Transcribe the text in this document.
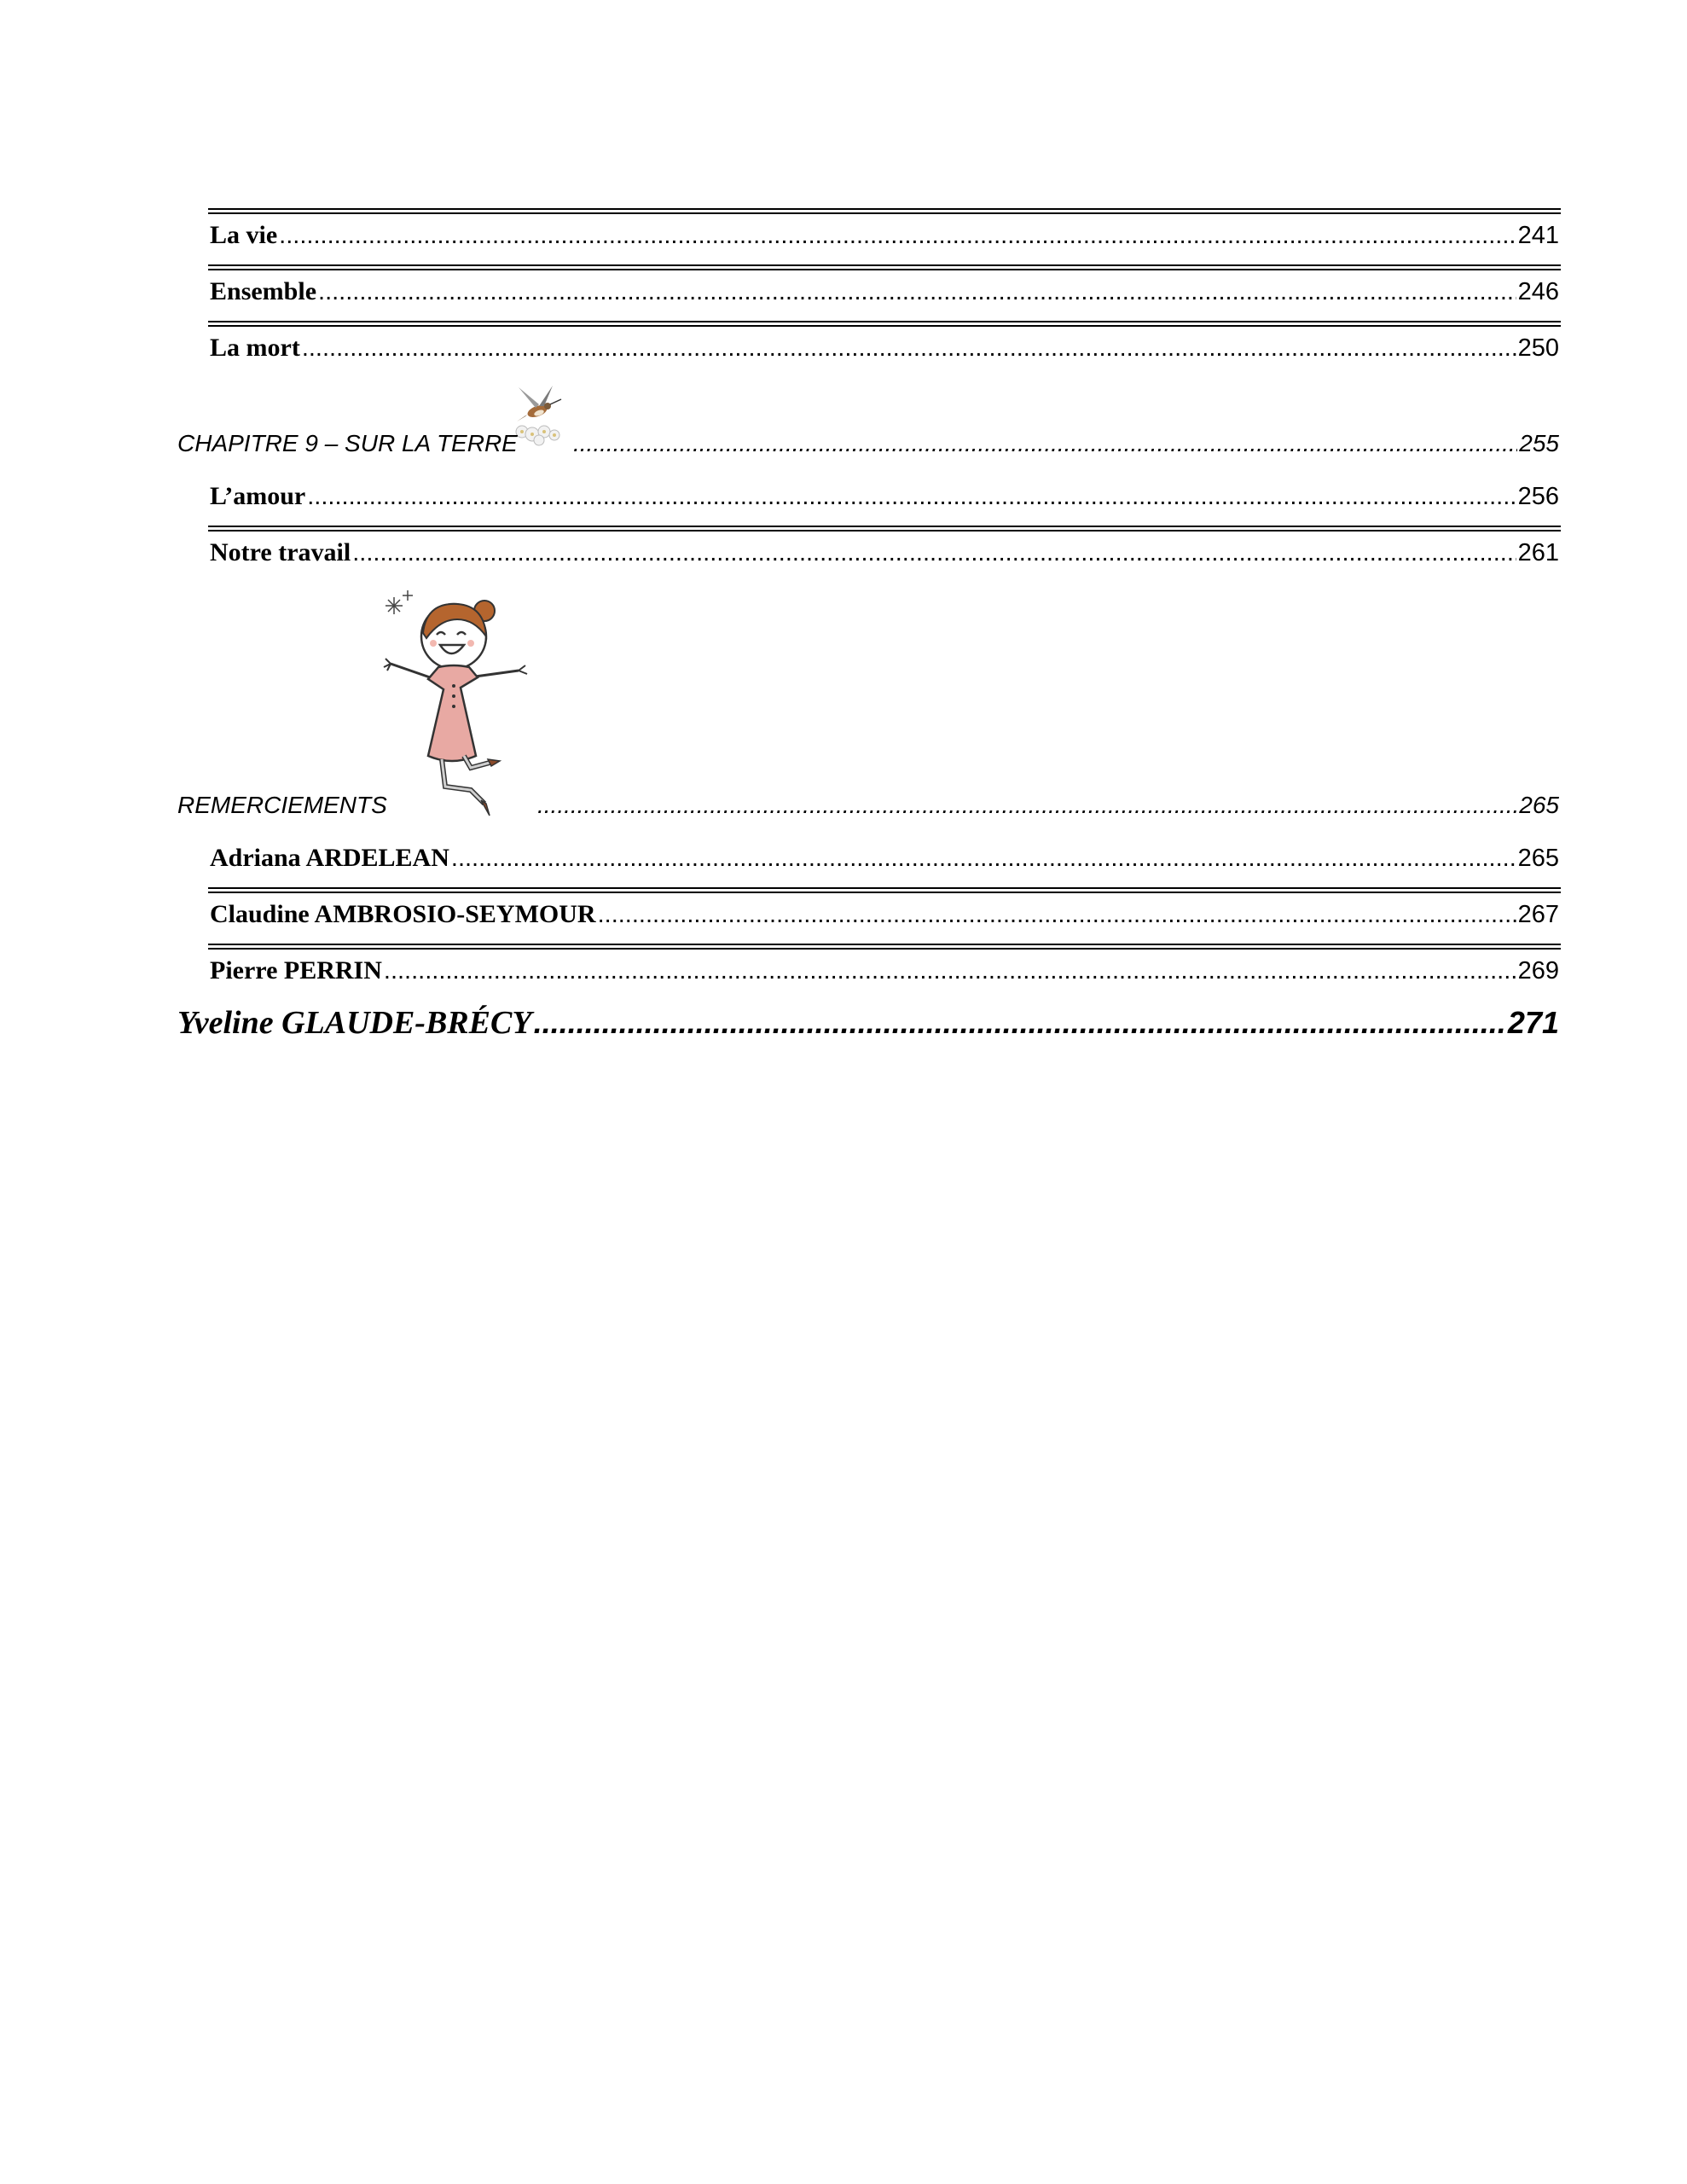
La vie .....	241
Ensemble .....	246
La mort .....	250
CHAPITRE 9 – SUR LA TERRE .....	255
L’amour .....	256
Notre travail .....	261
REMERCIEMENTS .....	265
Adriana ARDELEAN .....	265
Claudine AMBROSIO-SEYMOUR .....	267
Pierre PERRIN .....	269
Yveline GLAUDE-BRÉCY .....	271
